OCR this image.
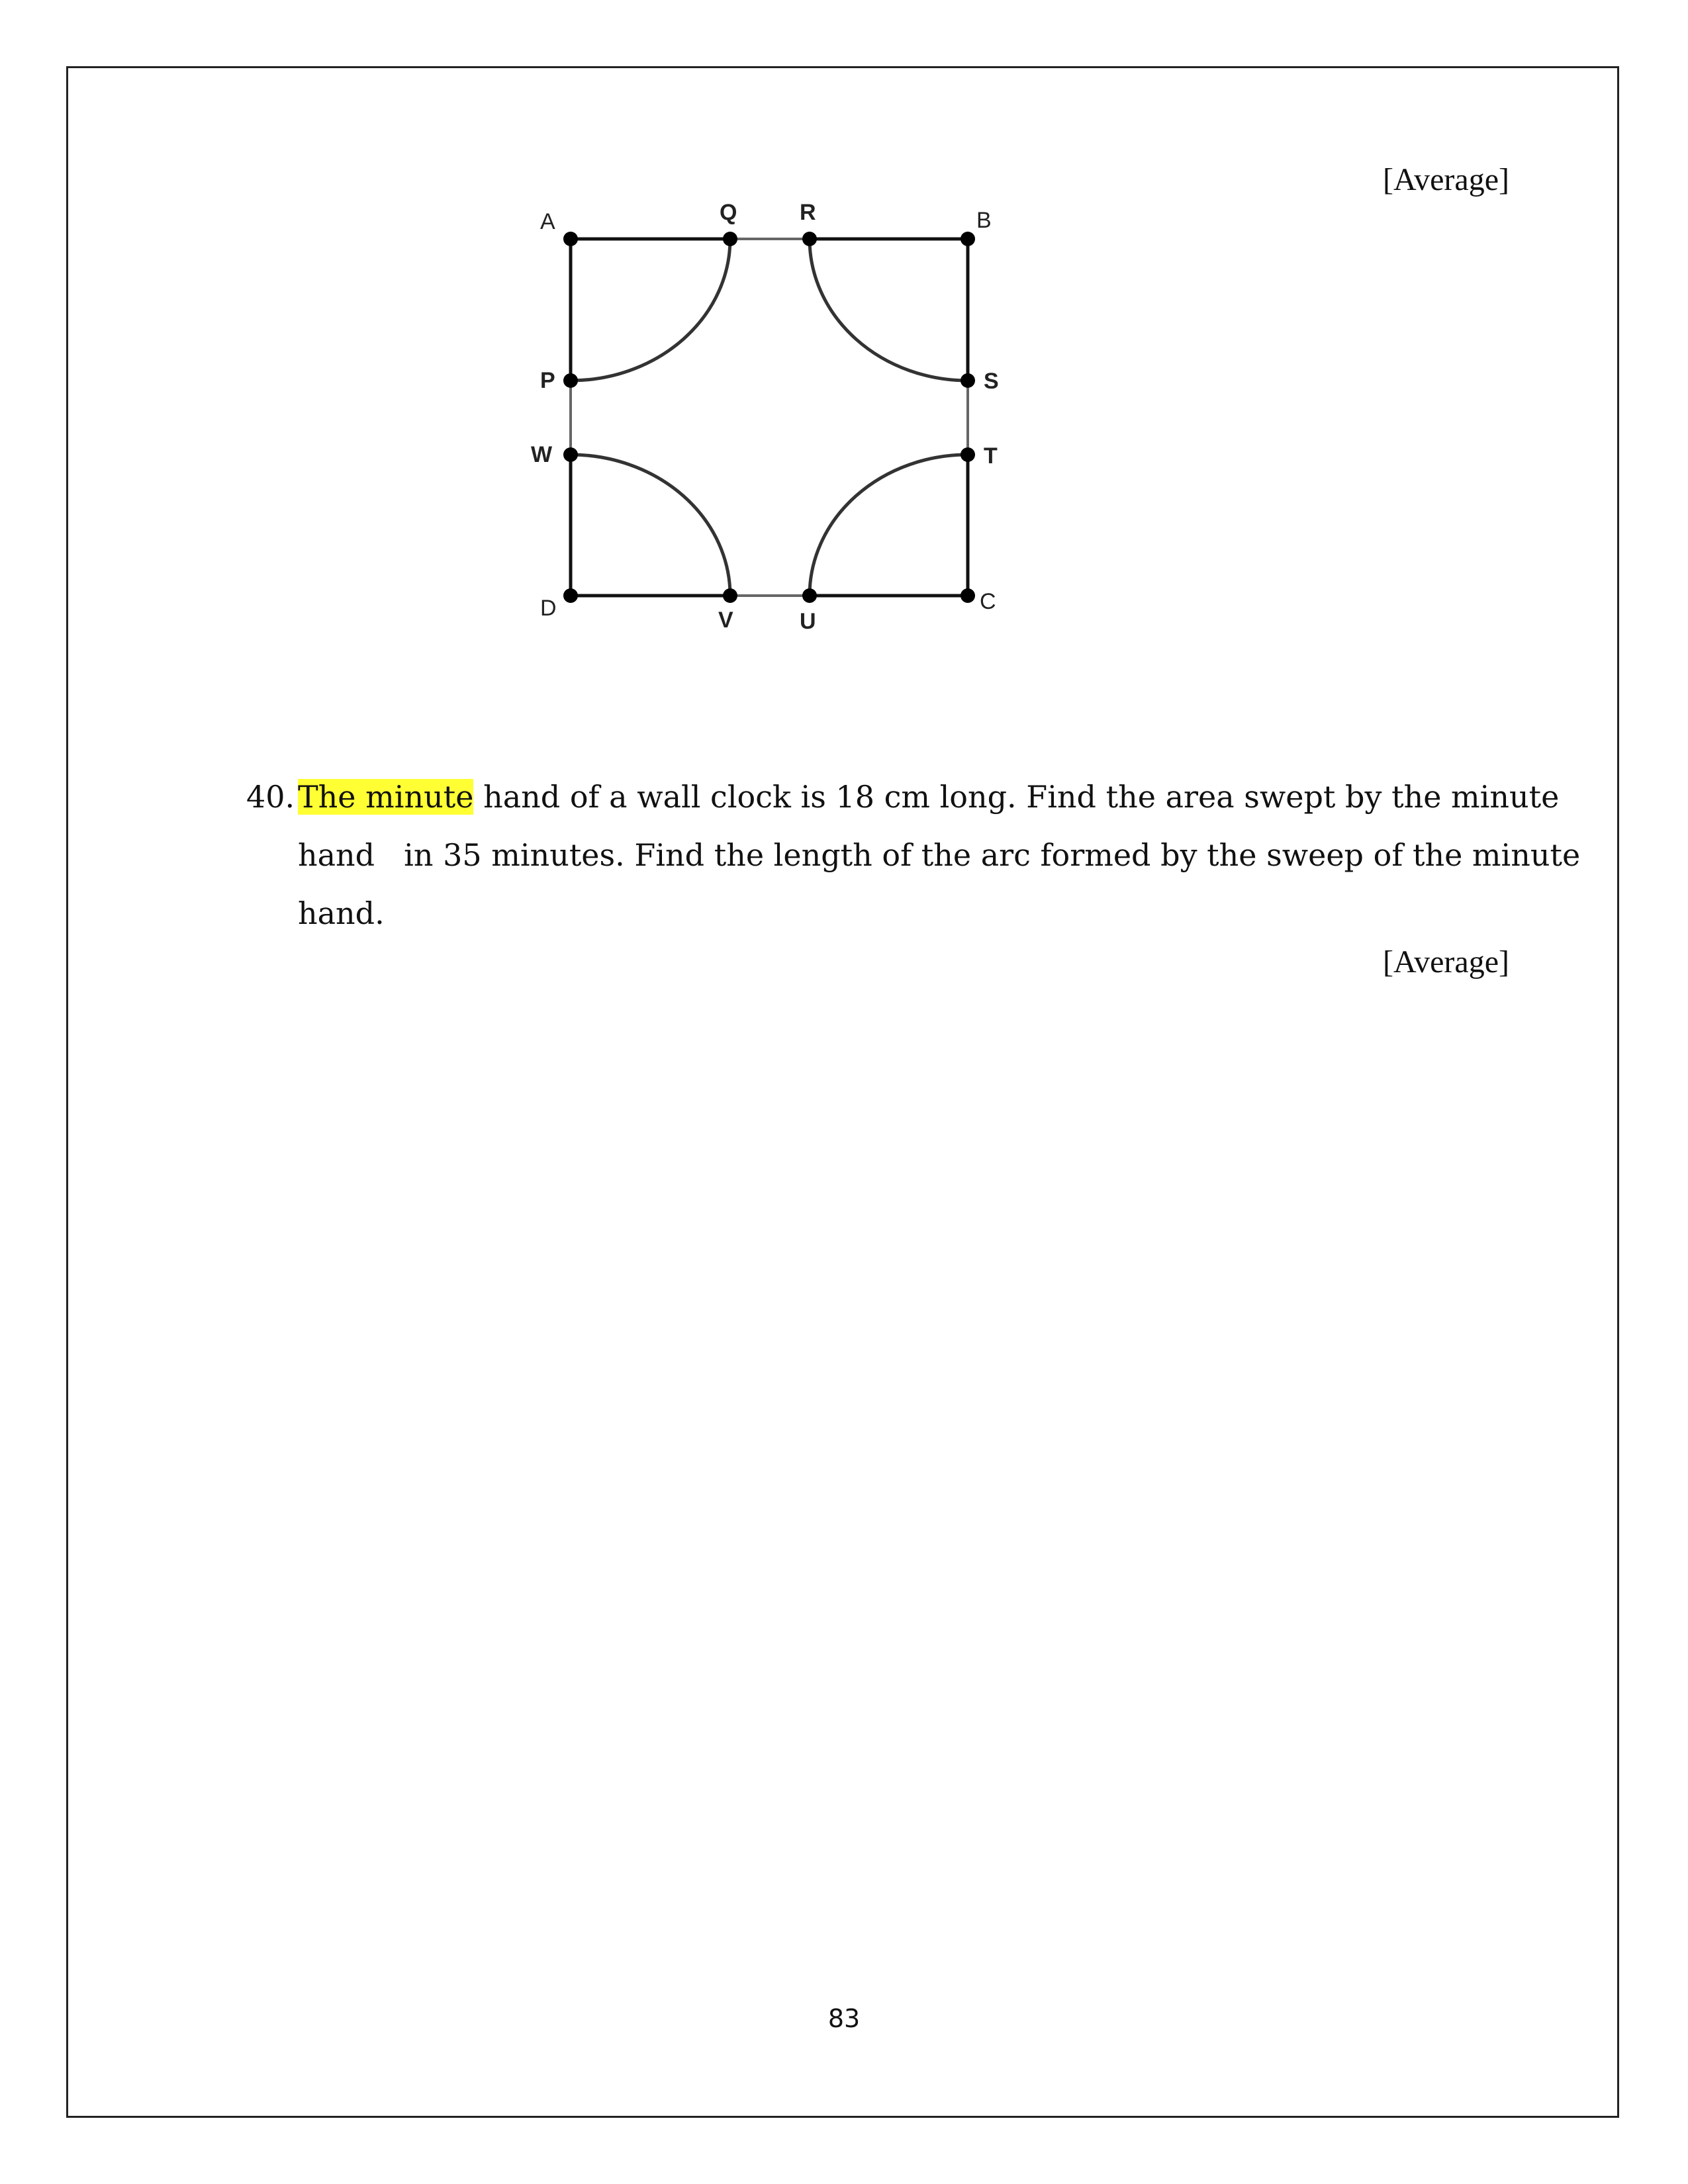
[Average]
A	Q	R	B
S
T
C
U
V
D
W
P
40. The minute hand of a wall clock is 18 cm long. Find the area swept by the minute
hand in 35 minutes. Find the length of the arc formed by the sweep of the minute
hand.
[Average]
83
